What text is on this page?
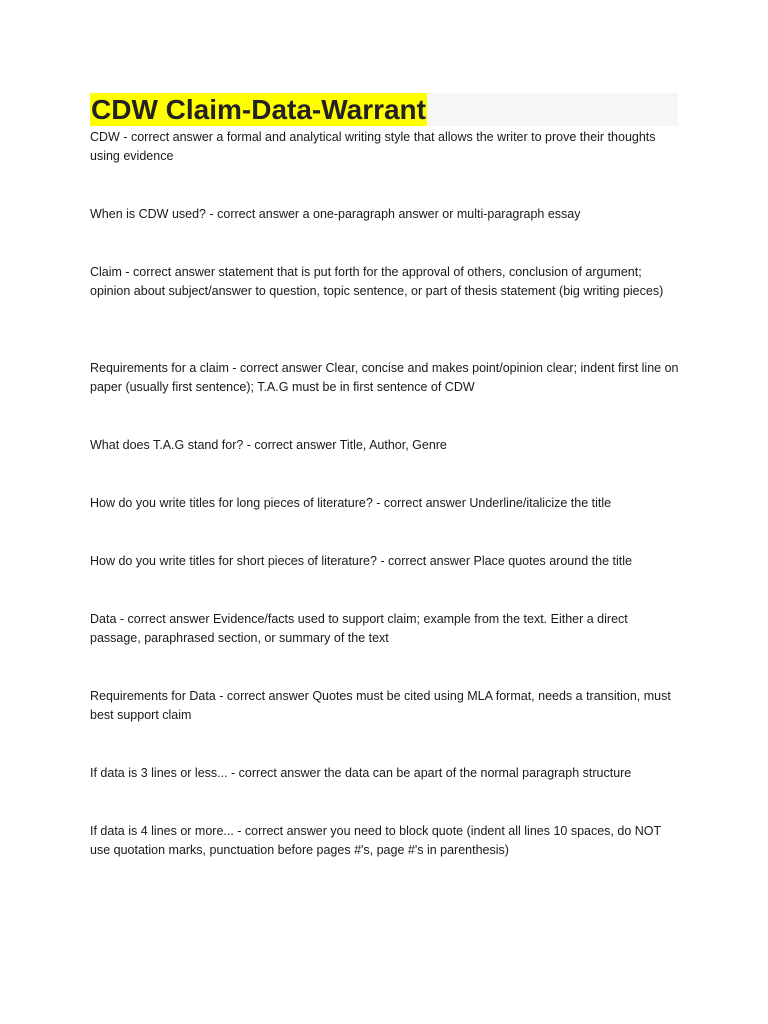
CDW Claim-Data-Warrant

CDW - correct answer a formal and analytical writing style that allows the writer to prove their thoughts using evidence

When is CDW used? - correct answer a one-paragraph answer or multi-paragraph essay

Claim - correct answer statement that is put forth for the approval of others, conclusion of argument; opinion about subject/answer to question, topic sentence, or part of thesis statement (big writing pieces)

Requirements for a claim - correct answer Clear, concise and makes point/opinion clear; indent first line on paper (usually first sentence); T.A.G must be in first sentence of CDW

What does T.A.G stand for? - correct answer Title, Author, Genre

How do you write titles for long pieces of literature? - correct answer Underline/italicize the title

How do you write titles for short pieces of literature? - correct answer Place quotes around the title

Data - correct answer Evidence/facts used to support claim; example from the text. Either a direct passage, paraphrased section, or summary of the text

Requirements for Data - correct answer Quotes must be cited using MLA format, needs a transition, must best support claim

If data is 3 lines or less... - correct answer the data can be apart of the normal paragraph structure

If data is 4 lines or more... - correct answer you need to block quote (indent all lines 10 spaces, do NOT use quotation marks, punctuation before pages #'s, page #'s in parenthesis)
